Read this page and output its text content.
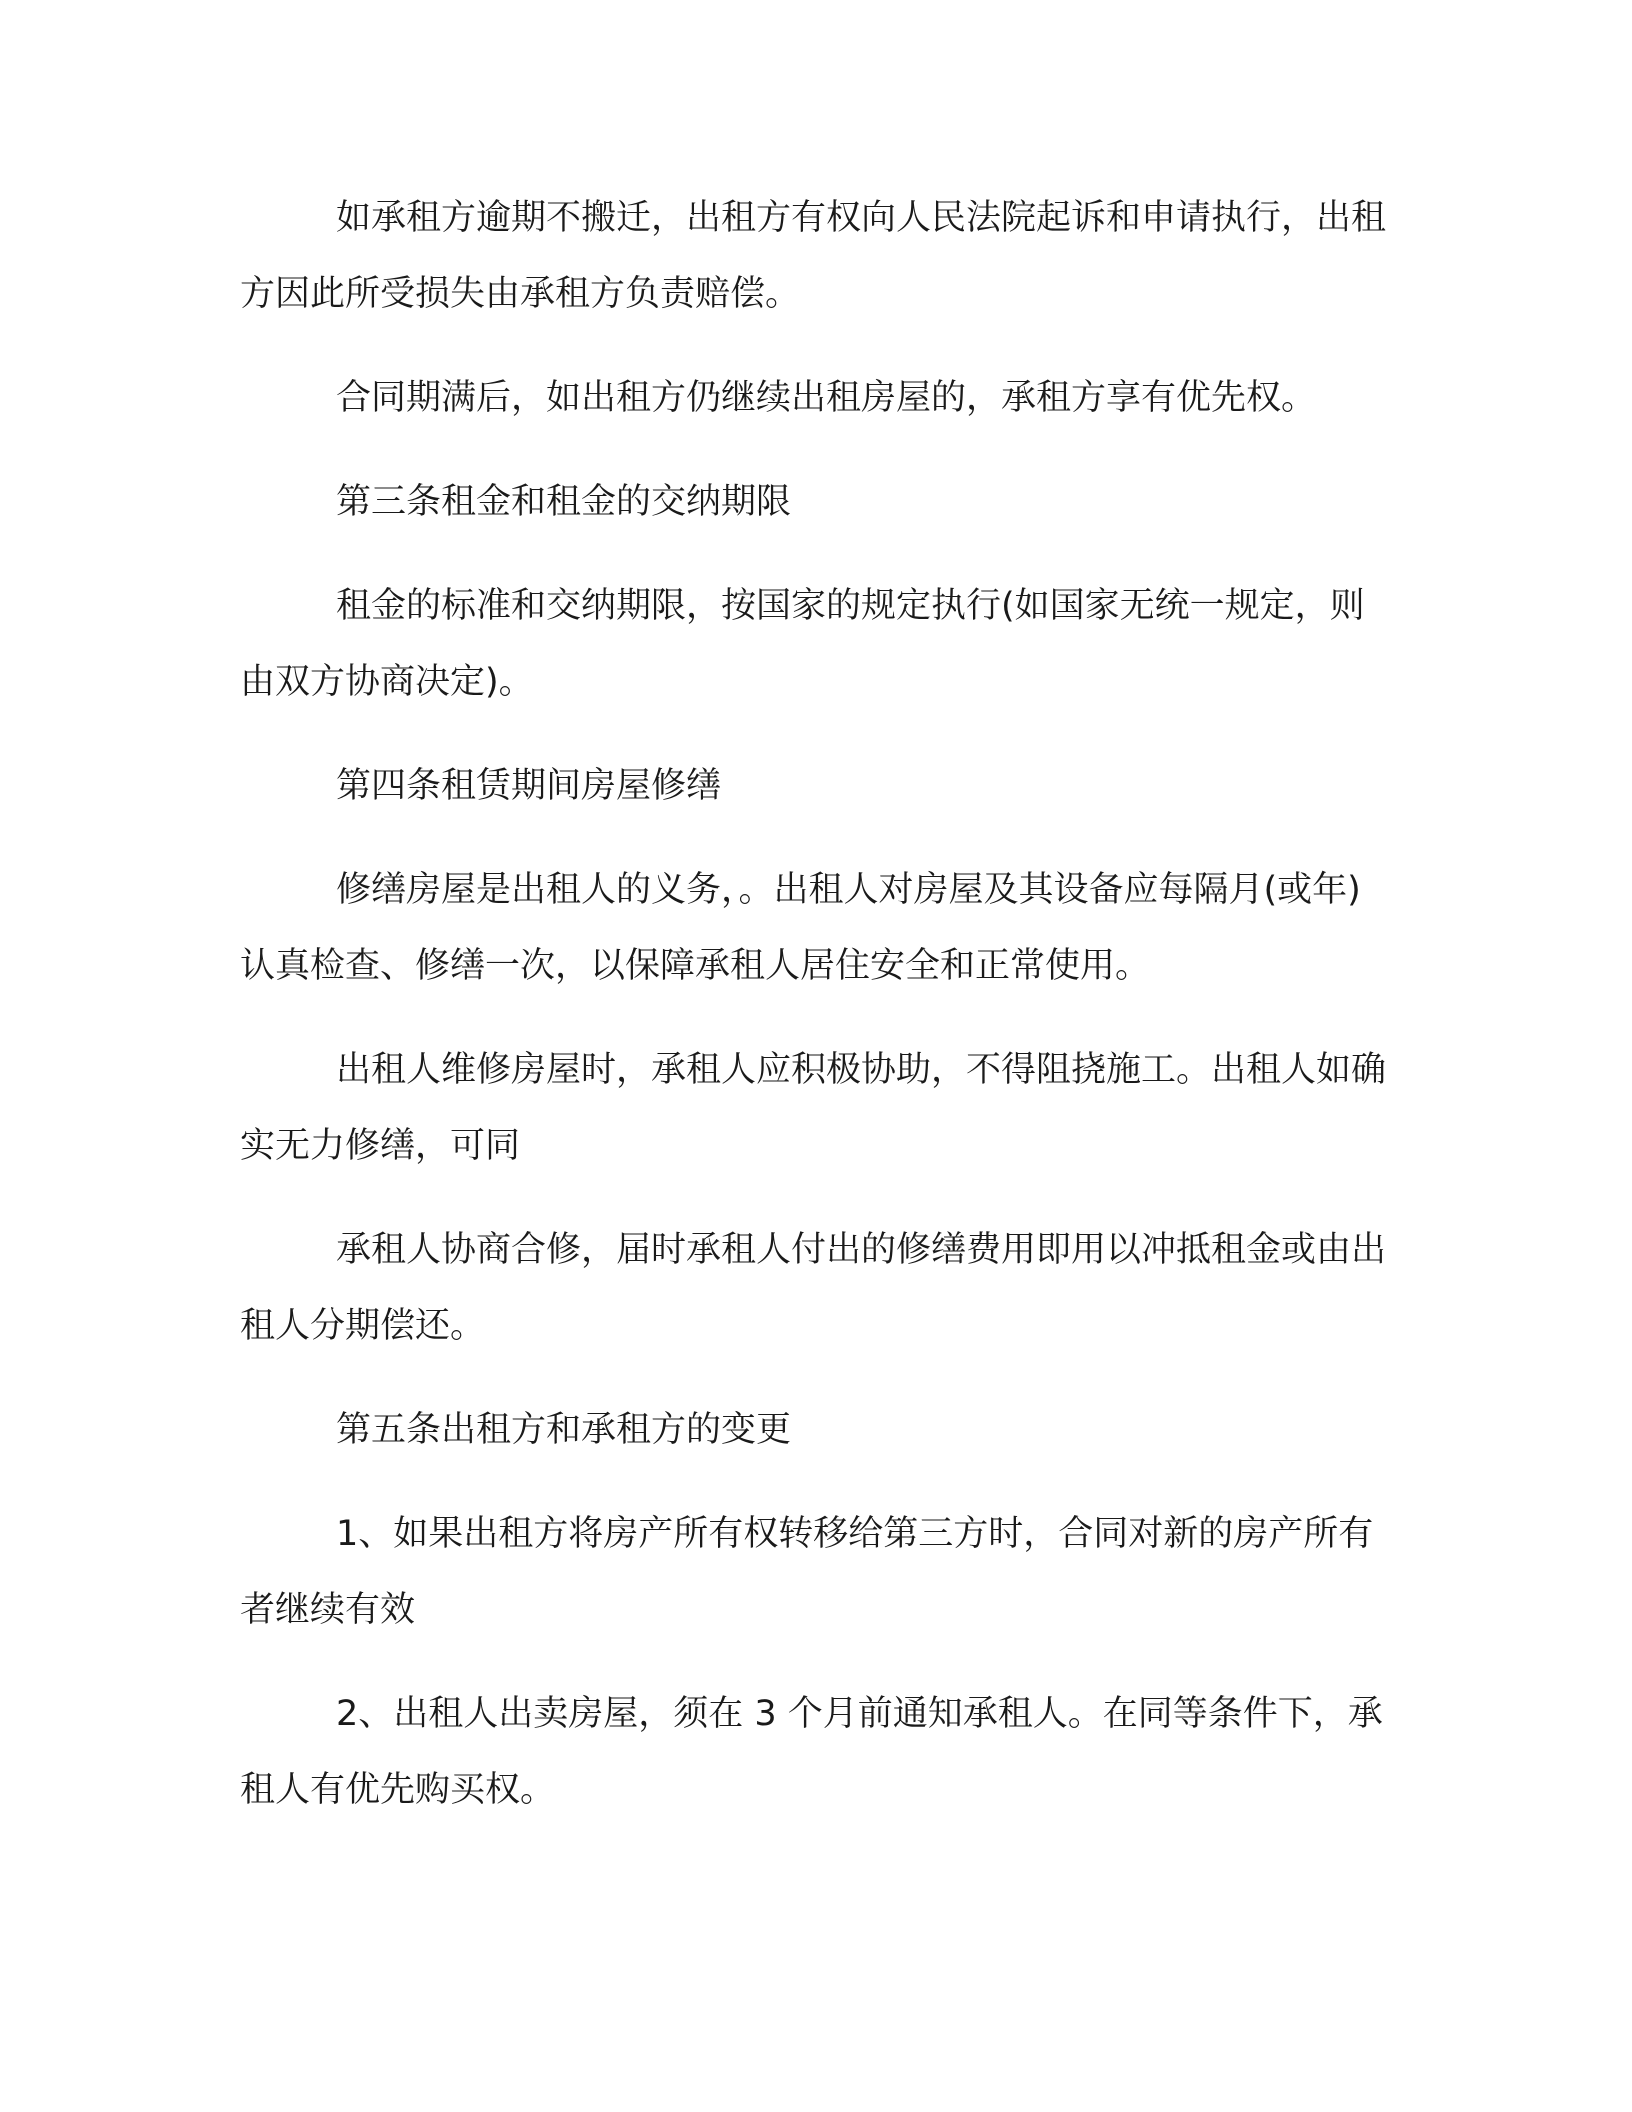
如承租方逾期不搬迁，出租方有权向人民法院起诉和申请执行，出租方因此所受损失由承租方负责赔偿。

合同期满后，如出租方仍继续出租房屋的，承租方享有优先权。

第三条租金和租金的交纳期限

租金的标准和交纳期限，按国家的规定执行(如国家无统一规定，则由双方协商决定)。

第四条租赁期间房屋修缮

修缮房屋是出租人的义务，。出租人对房屋及其设备应每隔月(或年)认真检查、修缮一次，以保障承租人居住安全和正常使用。

出租人维修房屋时，承租人应积极协助，不得阻挠施工。出租人如确实无力修缮，可同

承租人协商合修，届时承租人付出的修缮费用即用以冲抵租金或由出租人分期偿还。

第五条出租方和承租方的变更

1、如果出租方将房产所有权转移给第三方时，合同对新的房产所有者继续有效

2、出租人出卖房屋，须在 3 个月前通知承租人。在同等条件下，承租人有优先购买权。
